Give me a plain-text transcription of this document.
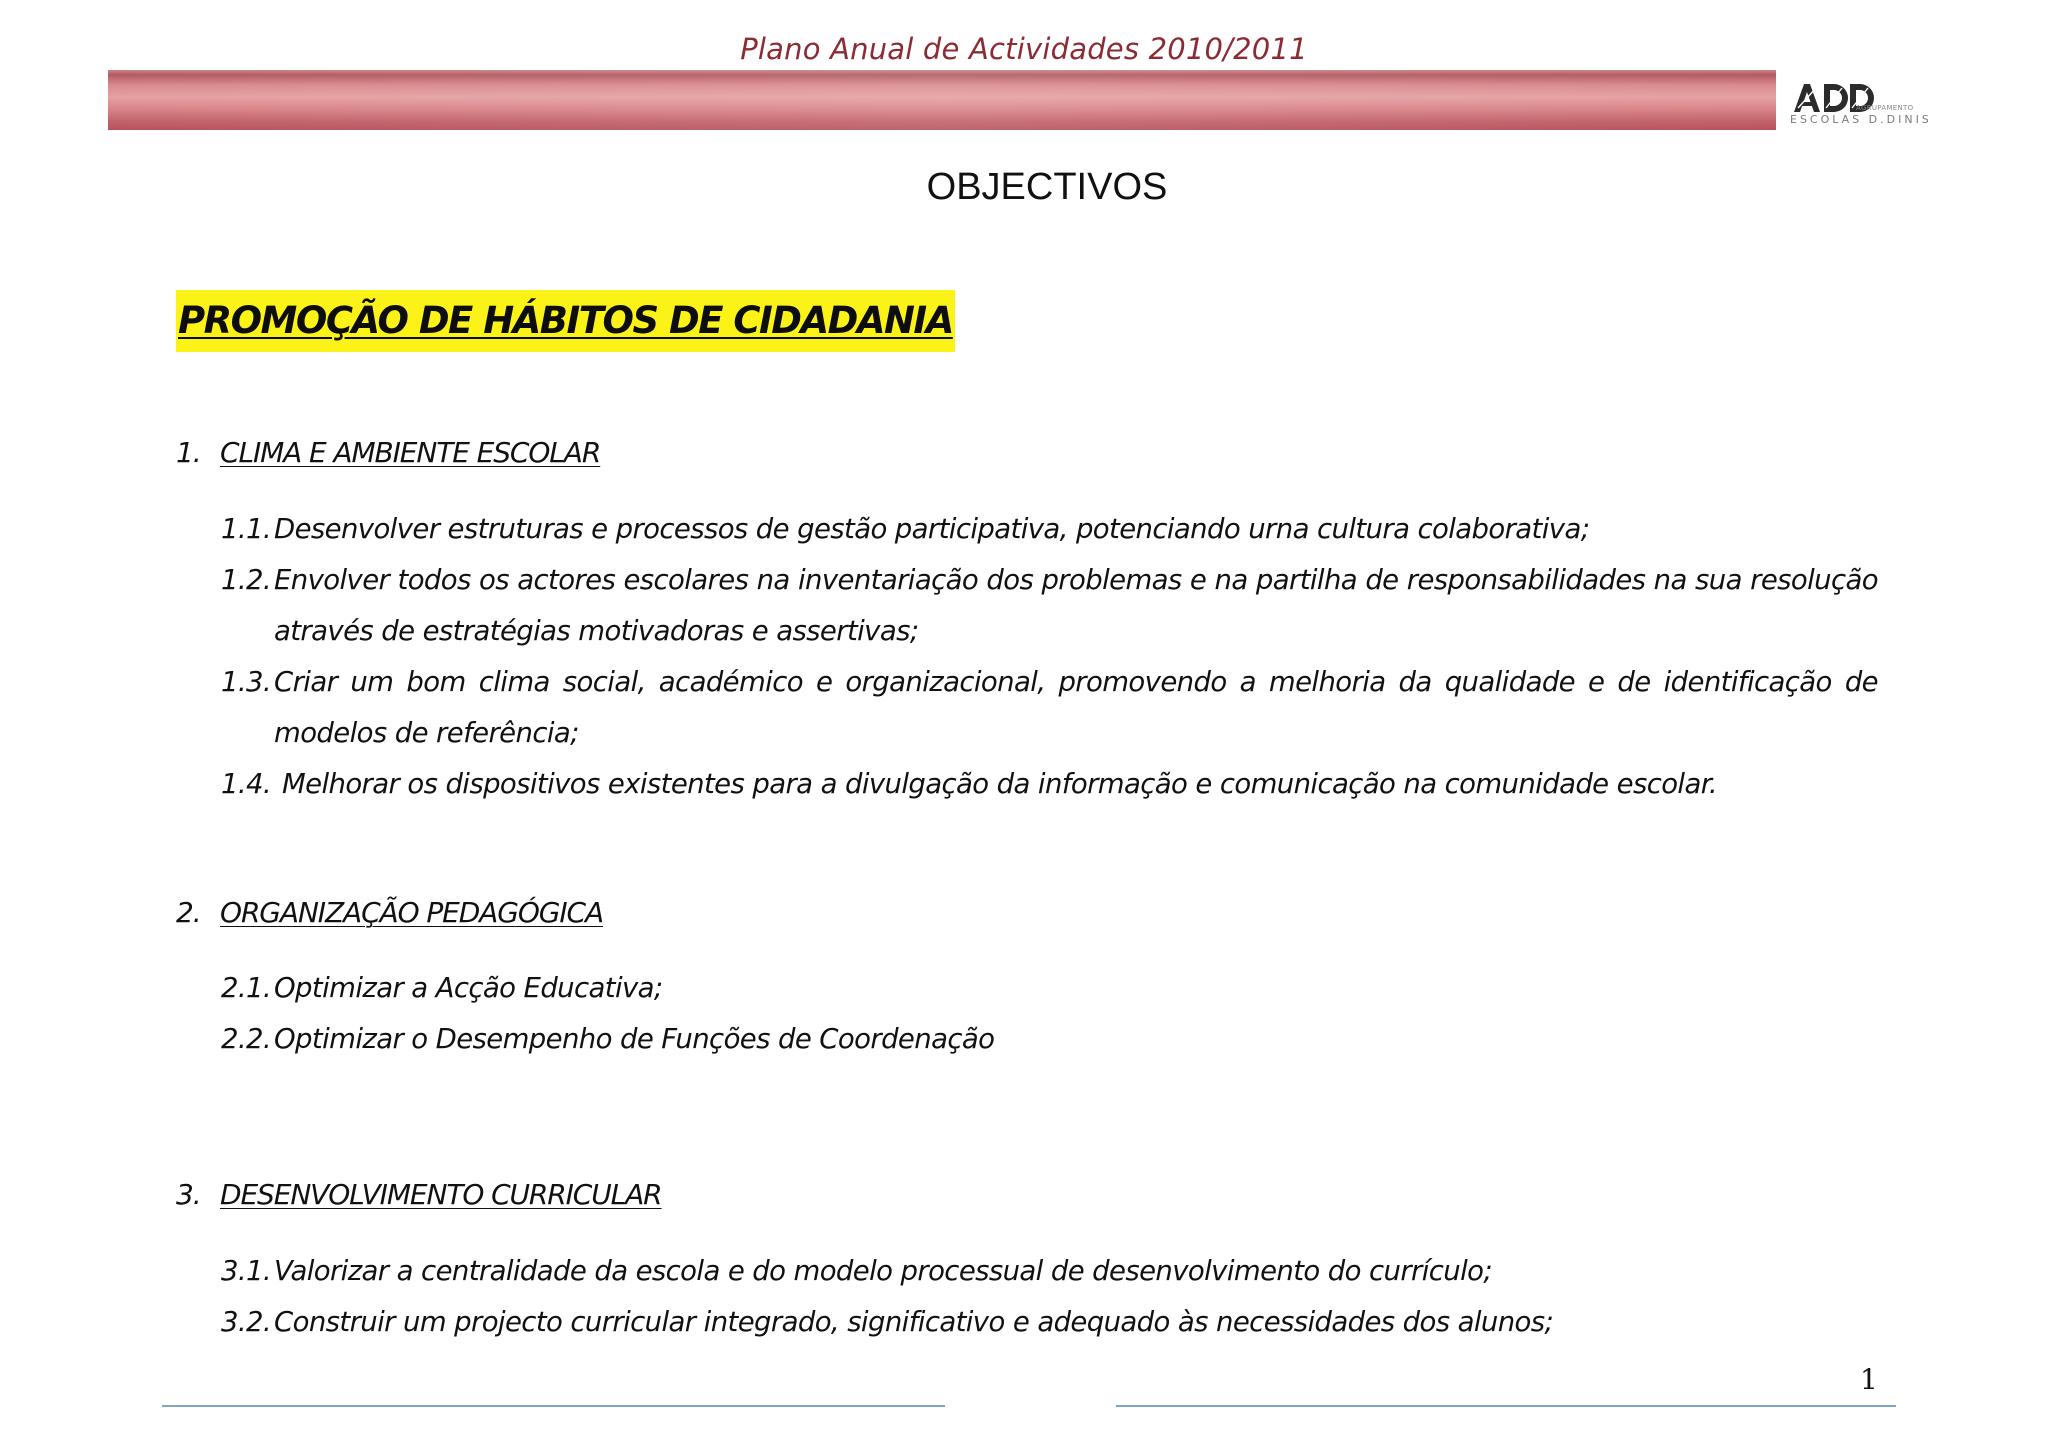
Plano Anual de Actividades 2010/2011
AGRUPAMENTO
ESCOLAS D.DINIS
OBJECTIVOS
PROMOÇÃO DE HÁBITOS DE CIDADANIA
1. CLIMA E AMBIENTE ESCOLAR
1.1. Desenvolver estruturas e processos de gestão participativa, potenciando urna cultura colaborativa;
1.2. Envolver todos os actores escolares na inventariação dos problemas e na partilha de responsabilidades na sua resolução através de estratégias motivadoras e assertivas;
1.3. Criar um bom clima social, académico e organizacional, promovendo a melhoria da qualidade e de identificação de modelos de referência;
1.4. Melhorar os dispositivos existentes para a divulgação da informação e comunicação na comunidade escolar.
2. ORGANIZAÇÃO PEDAGÓGICA
2.1. Optimizar a Acção Educativa;
2.2. Optimizar o Desempenho de Funções de Coordenação
3. DESENVOLVIMENTO CURRICULAR
3.1. Valorizar a centralidade da escola e do modelo processual de desenvolvimento do currículo;
3.2. Construir um projecto curricular integrado, significativo e adequado às necessidades dos alunos;
1
